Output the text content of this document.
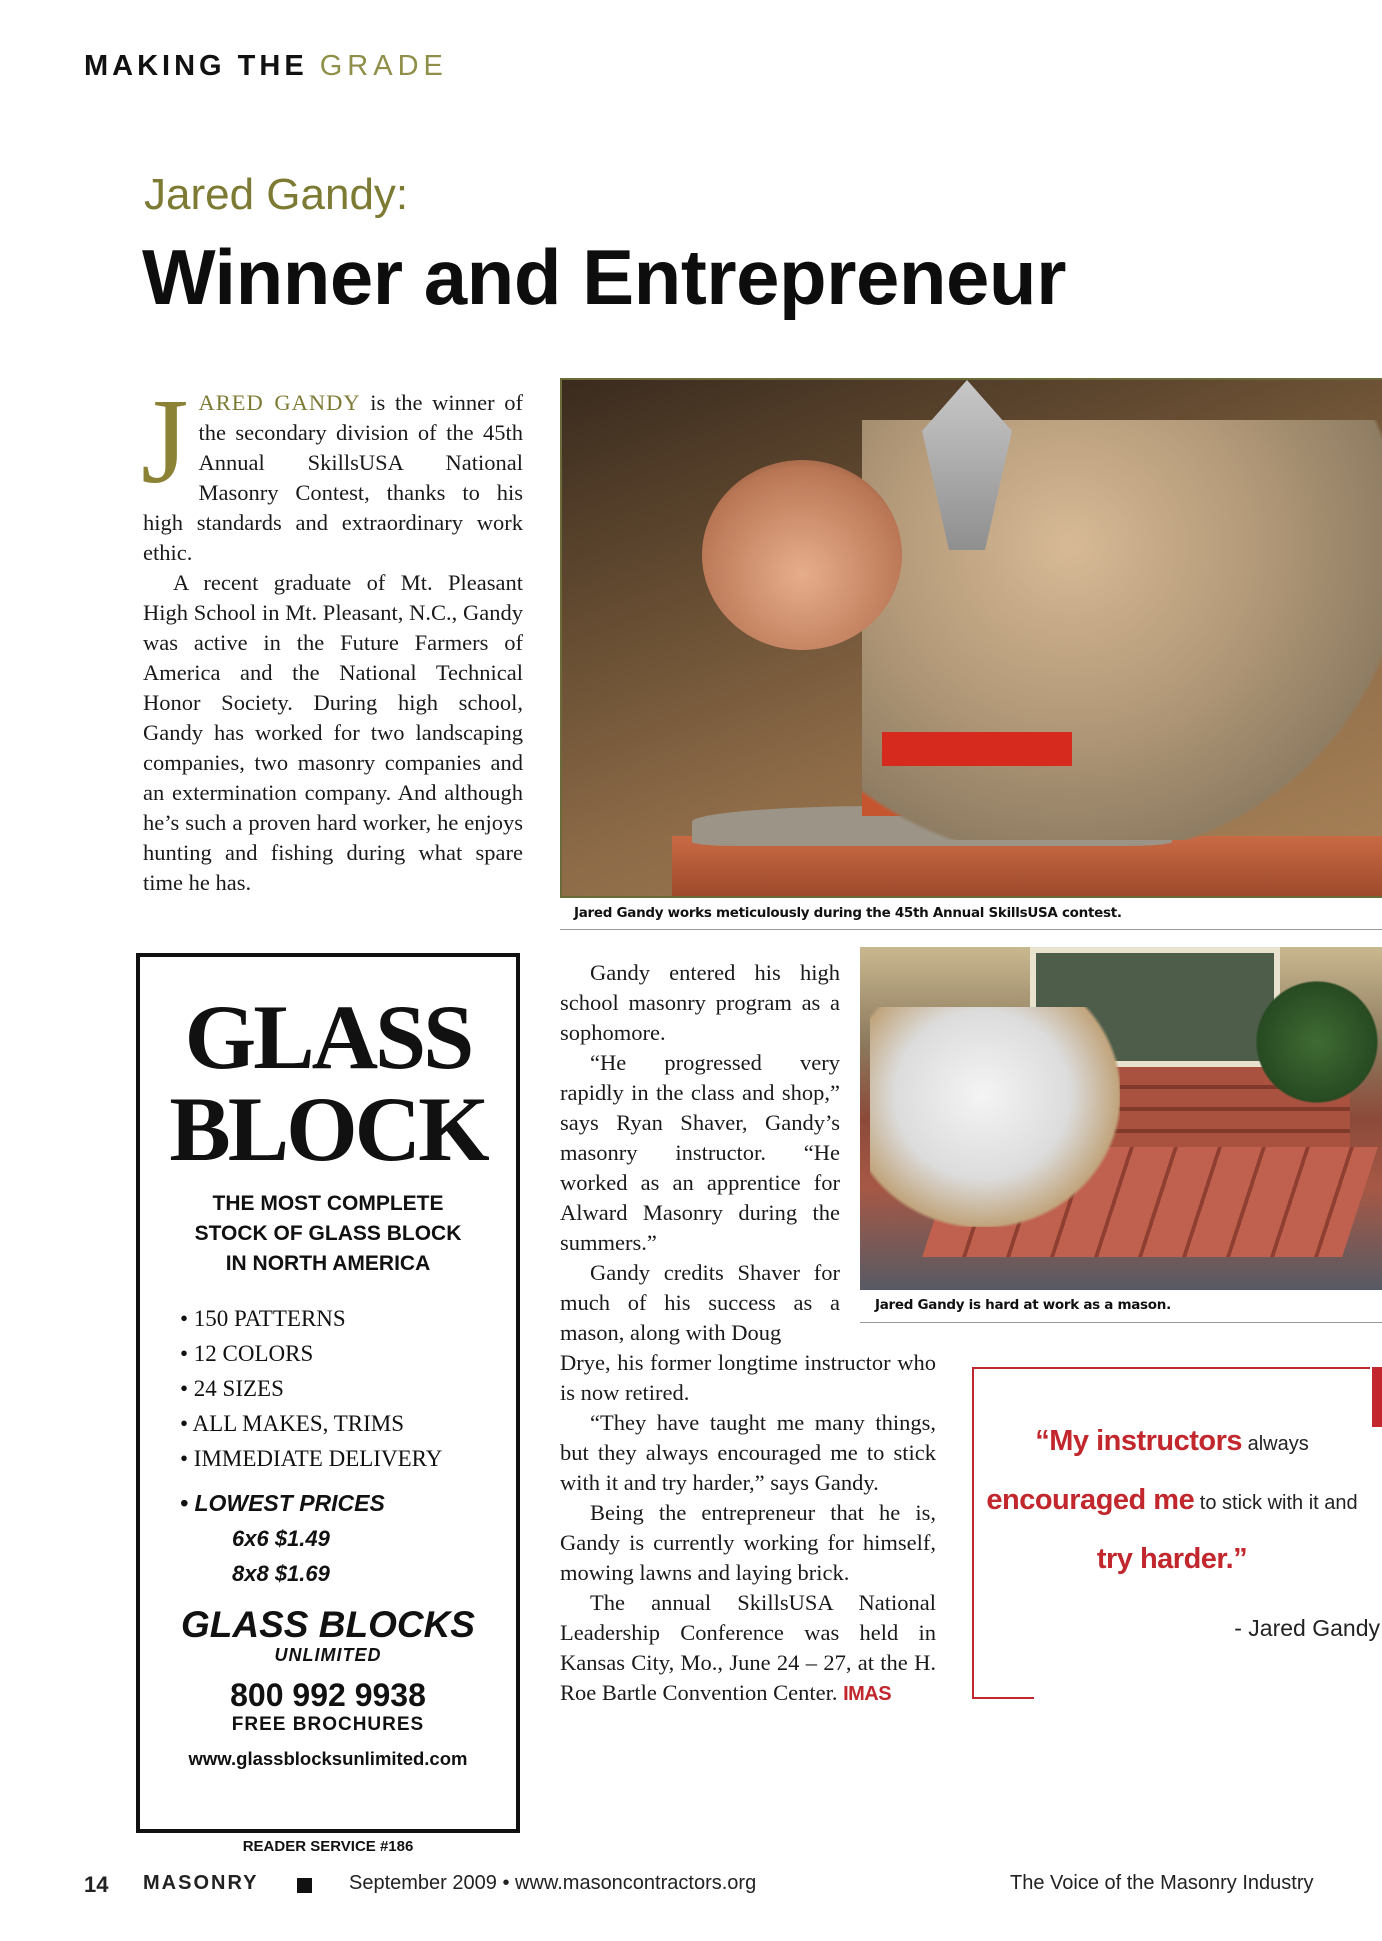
MAKING THE GRADE
Jared Gandy:
Winner and Entrepreneur

JARED GANDY is the winner of the secondary division of the 45th Annual SkillsUSA National Masonry Contest, thanks to his high standards and extraordinary work ethic.

A recent graduate of Mt. Pleasant High School in Mt. Pleasant, N.C., Gandy was active in the Future Farmers of America and the National Technical Honor Society. During high school, Gandy has worked for two landscaping companies, two masonry companies and an extermination company. And although he’s such a proven hard worker, he enjoys hunting and fishing during what spare time he has.

Jared Gandy works meticulously during the 45th Annual SkillsUSA contest.
GLASS
BLOCK
THE MOST COMPLETE
STOCK OF GLASS BLOCK
IN NORTH AMERICA
• 150 PATTERNS
• 12 COLORS
• 24 SIZES
• ALL MAKES, TRIMS
• IMMEDIATE DELIVERY
• LOWEST PRICES
6x6 $1.49
8x8 $1.69
GLASS BLOCKS
UNLIMITED
800 992 9938
FREE BROCHURES
www.glassblocksunlimited.com
READER SERVICE #186

Gandy entered his high school masonry program as a sophomore.

“He progressed very rapidly in the class and shop,” says Ryan Shaver, Gandy’s masonry instructor. “He worked as an apprentice for Alward Masonry during the summers.”

Gandy credits Shaver for much of his success as a mason, along with Doug

Drye, his former longtime instructor who is now retired.

“They have taught me many things, but they always encouraged me to stick with it and try harder,” says Gandy.

Being the entrepreneur that he is, Gandy is currently working for himself, mowing lawns and laying brick.

The annual SkillsUSA National Leadership Conference was held in Kansas City, Mo., June 24 – 27, at the H. Roe Bartle Convention Center. IMAS

Jared Gandy is hard at work as a mason.
“My instructors always encouraged me to stick with it and try harder.”
- Jared Gandy
14 MASONRY	September 2009 • www.masoncontractors.org	The Voice of the Masonry Industry
